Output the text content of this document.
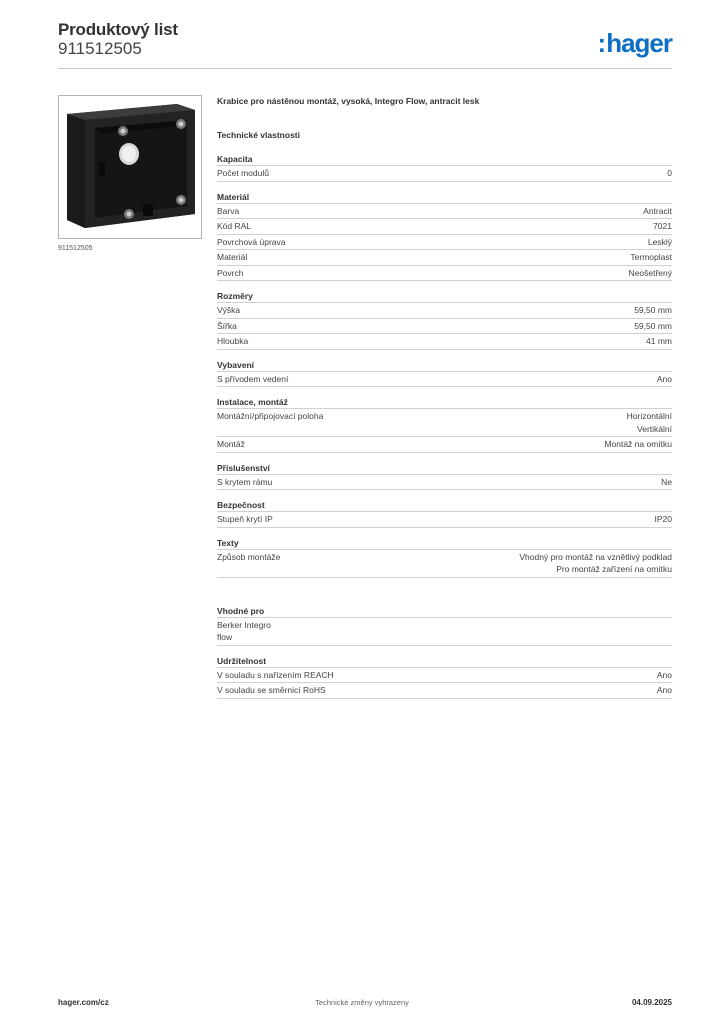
Produktový list
911512505	:hager
911512505
Krabice pro nástěnou montáž, vysoká, Integro Flow, antracit lesk
Technické vlastnosti
Kapacita
Počet modulů	0
Materiál
Barva	Antracit
Kód RAL	7021
Povrchová úprava	Lesklý
Materiál	Termoplast
Povrch	Neošetřený
Rozměry
Výška	59,50 mm
Šířka	59,50 mm
Hloubka	41 mm
Vybavení
S přívodem vedení	Ano
Instalace, montáž
Montážní/připojovací poloha	Horizontální
Vertikální
Montáž	Montáž na omítku
Příslušenství
S krytem rámu	Ne
Bezpečnost
Stupeň krytí IP	IP20
Texty
Způsob montáže	Vhodný pro montáž na vznětlivý podklad
Pro montáž zařízení na omítku
Vhodné pro
Berker Integro
flow
Udržitelnost
V souladu s nařízením REACH	Ano
V souladu se směrnicí RoHS	Ano
hager.com/cz	Technické změny vyhrazeny	04.09.2025
